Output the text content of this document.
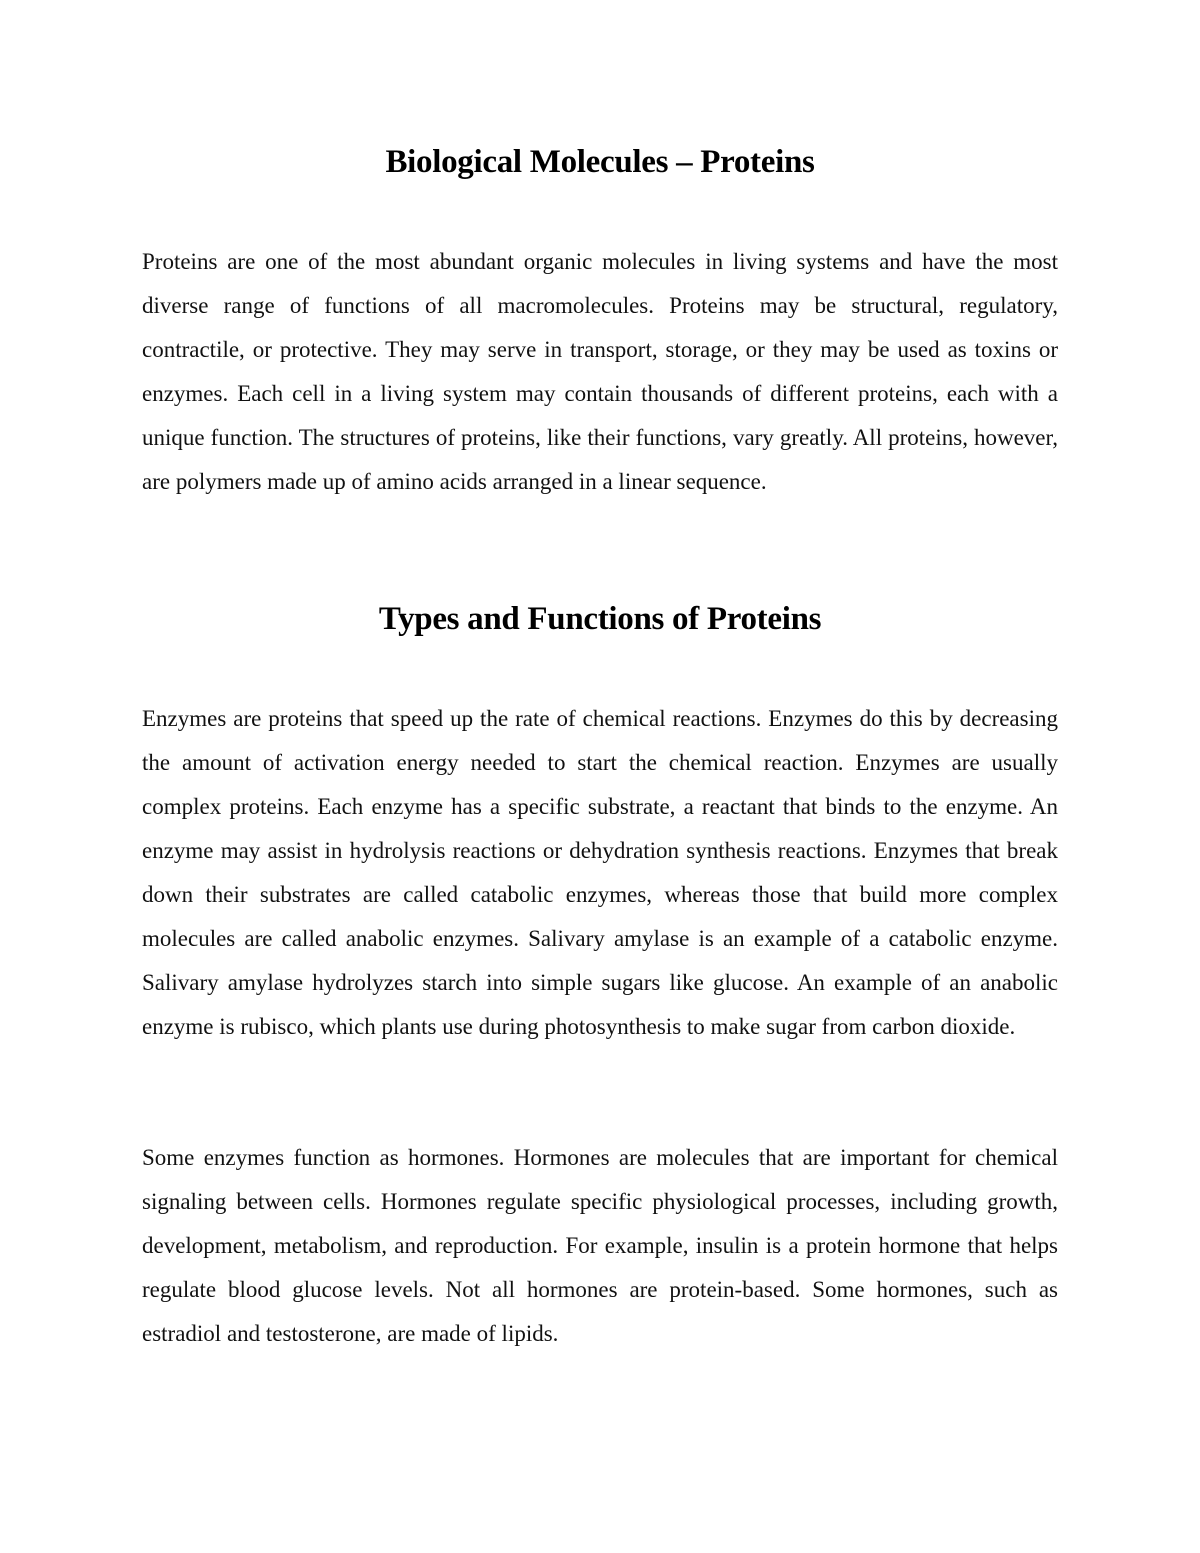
Biological Molecules – Proteins

Proteins are one of the most abundant organic molecules in living systems and have the most diverse range of functions of all macromolecules. Proteins may be structural, regulatory, contractile, or protective. They may serve in transport, storage, or they may be used as toxins or enzymes. Each cell in a living system may contain thousands of different proteins, each with a unique function. The structures of proteins, like their functions, vary greatly. All proteins, however, are polymers made up of amino acids arranged in a linear sequence.

Types and Functions of Proteins

Enzymes are proteins that speed up the rate of chemical reactions. Enzymes do this by decreasing the amount of activation energy needed to start the chemical reaction. Enzymes are usually complex proteins. Each enzyme has a specific substrate, a reactant that binds to the enzyme. An enzyme may assist in hydrolysis reactions or dehydration synthesis reactions. Enzymes that break down their substrates are called catabolic enzymes, whereas those that build more complex molecules are called anabolic enzymes. Salivary amylase is an example of a catabolic enzyme. Salivary amylase hydrolyzes starch into simple sugars like glucose. An example of an anabolic enzyme is rubisco, which plants use during photosynthesis to make sugar from carbon dioxide.

Some enzymes function as hormones. Hormones are molecules that are important for chemical signaling between cells. Hormones regulate specific physiological processes, including growth, development, metabolism, and reproduction. For example, insulin is a protein hormone that helps regulate blood glucose levels. Not all hormones are protein-based. Some hormones, such as estradiol and testosterone, are made of lipids.
